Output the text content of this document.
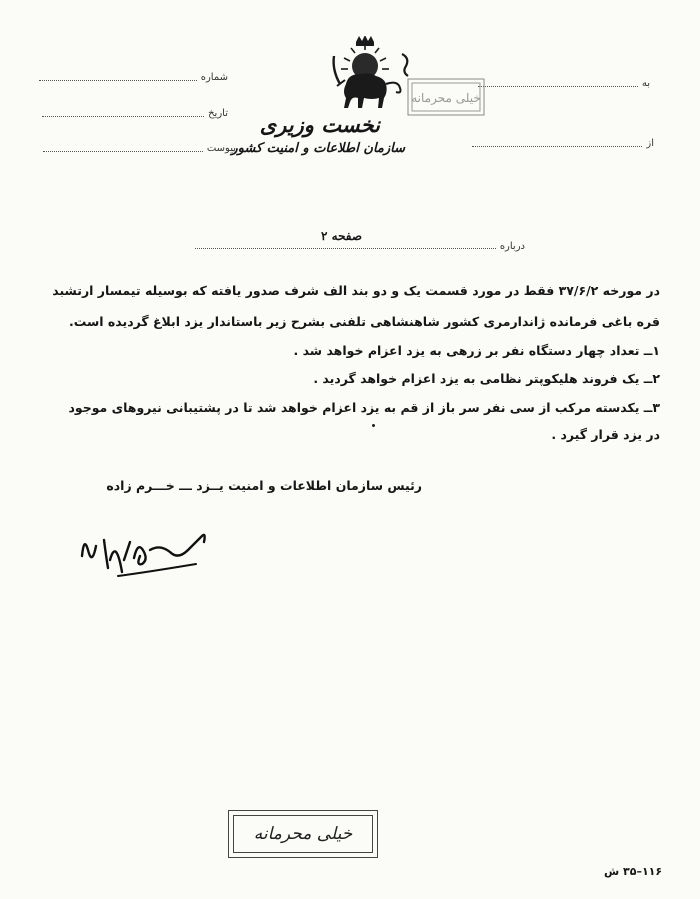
شماره
تاریخ
پیوست
به
از
خیلی محرمانه
نخست وزیری
سازمان اطلاعات و امنیت کشور
درباره
صفحه ۲
در مورخه ۳۷/۶/۲ فقط در مورد قسمت یک و دو بند الف شرف صدور یافته که بوسیله تیمسار ارتشبد
قره باغی فرمانده ژاندارمری کشور شاهنشاهی تلفنی بشرح زیر باستاندار یزد ابلاغ گردیده است.
۱ــ تعداد چهار دستگاه نفر بر زرهی به یزد اعزام خواهد شد .
۲ــ یک فروند هلیکوپتر نظامی به یزد اعزام خواهد گردید .
۳ــ یکدسته مرکب از سی نفر سر باز از قم به یزد اعزام خواهد شد تا در پشتیبانی نیروهای موجود
در یزد قرار گیرد .
رئیس سازمان اطلاعات و امنیت یــزد ـــ خـــرم زاده
خیلی محرمانه
۱۱۶–۳۵ ش
